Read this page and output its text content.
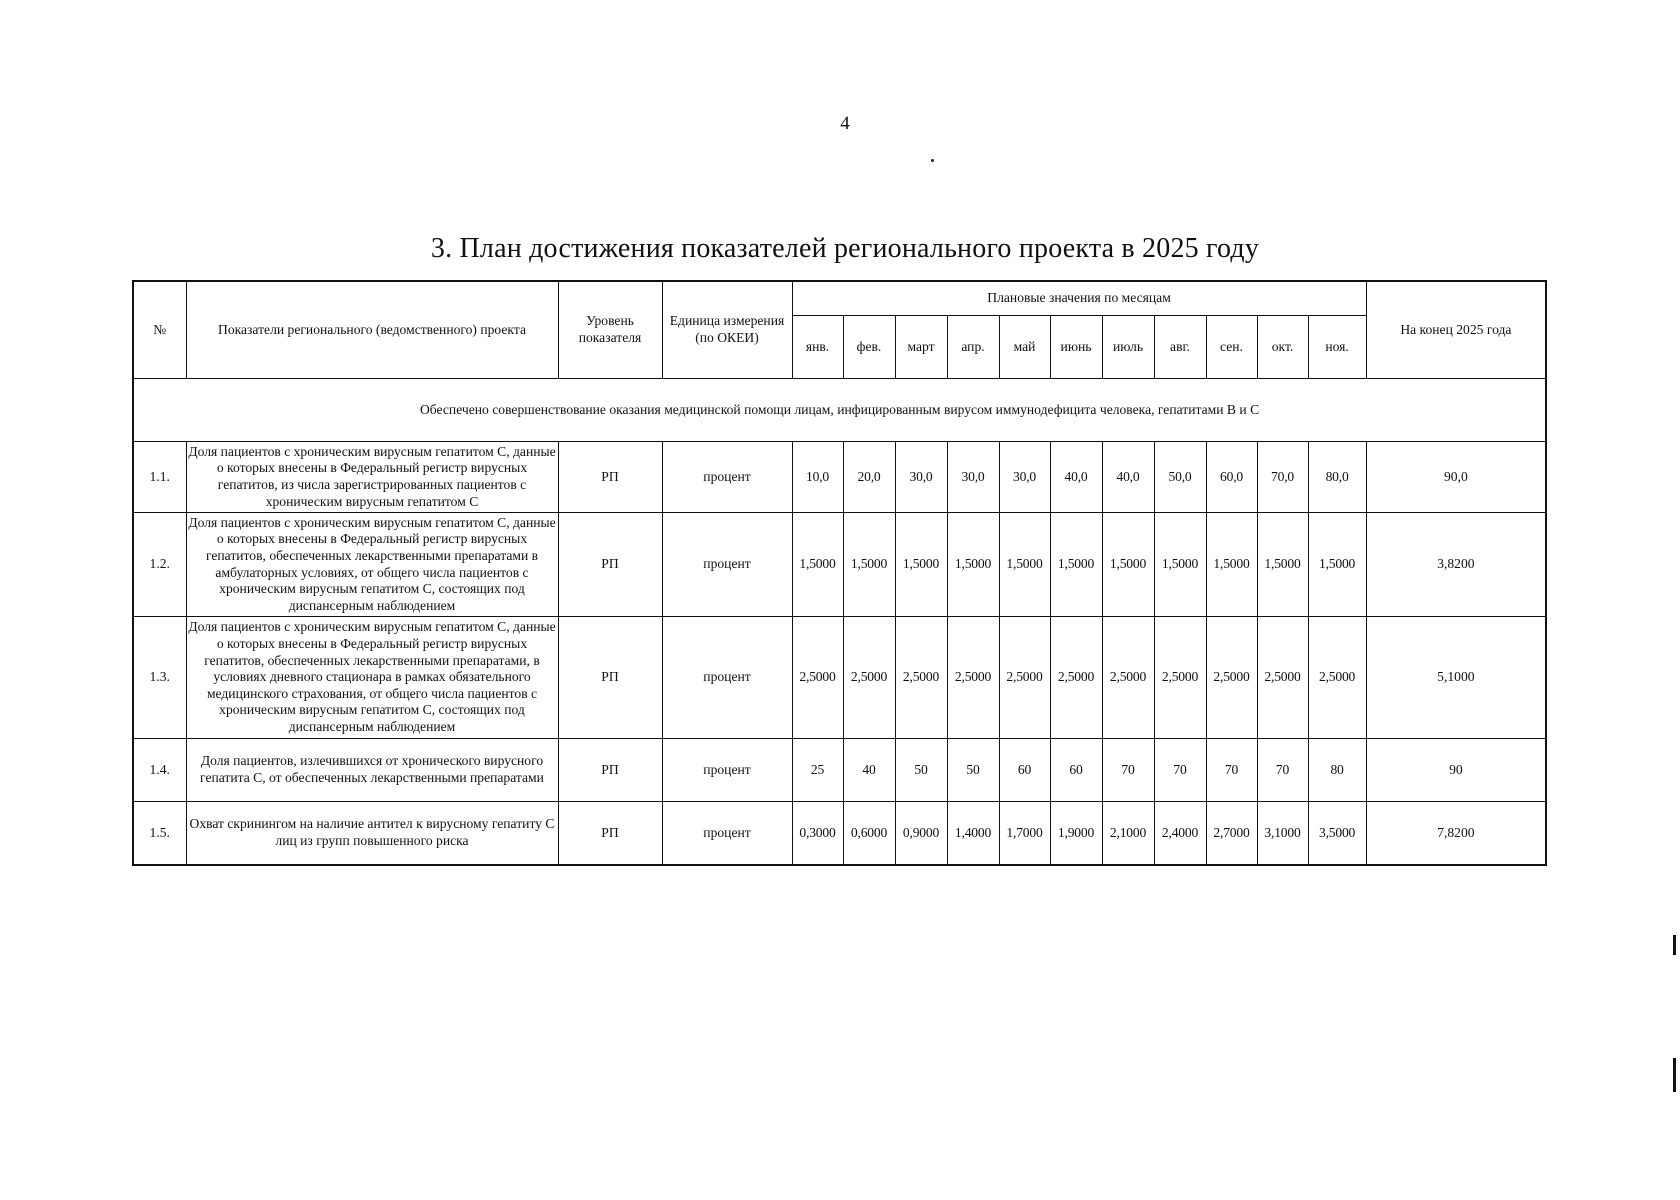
4
3. План достижения показателей регионального проекта в 2025 году
№	Показатели регионального (ведомственного) проекта	Уровень показателя	Единица измерения (по ОКЕИ)	Плановые значения по месяцам											На конец 2025 года
				янв.	фев.	март	апр.	май	июнь	июль	авг.	сен.	окт.	ноя.	
Обеспечено совершенствование оказания медицинской помощи лицам, инфицированным вирусом иммунодефицита человека, гепатитами В и С															
1.1.	Доля пациентов с хроническим вирусным гепатитом С, данные о которых внесены в Федеральный регистр вирусных гепатитов, из числа зарегистрированных пациентов с хроническим вирусным гепатитом С	РП	процент	10,0	20,0	30,0	30,0	30,0	40,0	40,0	50,0	60,0	70,0	80,0	90,0
1.2.	Доля пациентов с хроническим вирусным гепатитом С, данные о которых внесены в Федеральный регистр вирусных гепатитов, обеспеченных лекарственными препаратами в амбулаторных условиях, от общего числа пациентов с хроническим вирусным гепатитом С, состоящих под диспансерным наблюдением	РП	процент	1,5000	1,5000	1,5000	1,5000	1,5000	1,5000	1,5000	1,5000	1,5000	1,5000	1,5000	3,8200
1.3.	Доля пациентов с хроническим вирусным гепатитом С, данные о которых внесены в Федеральный регистр вирусных гепатитов, обеспеченных лекарственными препаратами, в условиях дневного стационара в рамках обязательного медицинского страхования, от общего числа пациентов с хроническим вирусным гепатитом С, состоящих под диспансерным наблюдением	РП	процент	2,5000	2,5000	2,5000	2,5000	2,5000	2,5000	2,5000	2,5000	2,5000	2,5000	2,5000	5,1000
1.4.	Доля пациентов, излечившихся от хронического вирусного гепатита С, от обеспеченных лекарственными препаратами	РП	процент	25	40	50	50	60	60	70	70	70	70	80	90
1.5.	Охват скринингом на наличие антител к вирусному гепатиту С лиц из групп повышенного риска	РП	процент	0,3000	0,6000	0,9000	1,4000	1,7000	1,9000	2,1000	2,4000	2,7000	3,1000	3,5000	7,8200
